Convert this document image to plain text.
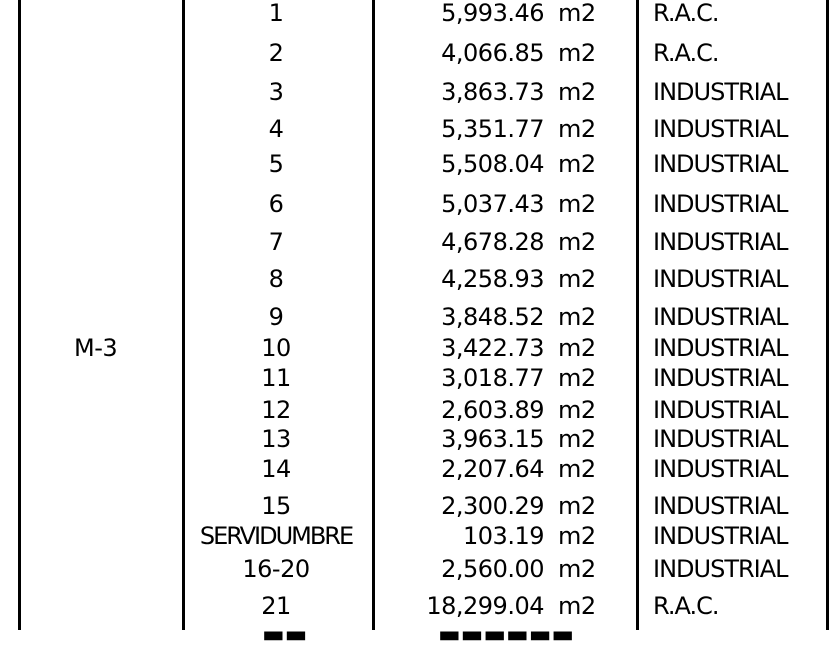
M-3
1	5,993.46 m2 R.A.C.
2	4,066.85 m2 R.A.C.
3	3,863.73 m2 INDUSTRIAL
4	5,351.77 m2 INDUSTRIAL
5	5,508.04 m2 INDUSTRIAL
6	5,037.43 m2 INDUSTRIAL
7	4,678.28 m2 INDUSTRIAL
8	4,258.93 m2 INDUSTRIAL
9	3,848.52 m2 INDUSTRIAL
10	3,422.73 m2 INDUSTRIAL
11	3,018.77 m2 INDUSTRIAL
12	2,603.89 m2 INDUSTRIAL
13	3,963.15 m2 INDUSTRIAL
14	2,207.64 m2 INDUSTRIAL
15	2,300.29 m2 INDUSTRIAL
SERVIDUMBRE	103.19 m2 INDUSTRIAL
16-20	2,560.00 m2 INDUSTRIAL
21	18,299.04 m2 R.A.C.
▬▬	▬▬▬▬▬▬
